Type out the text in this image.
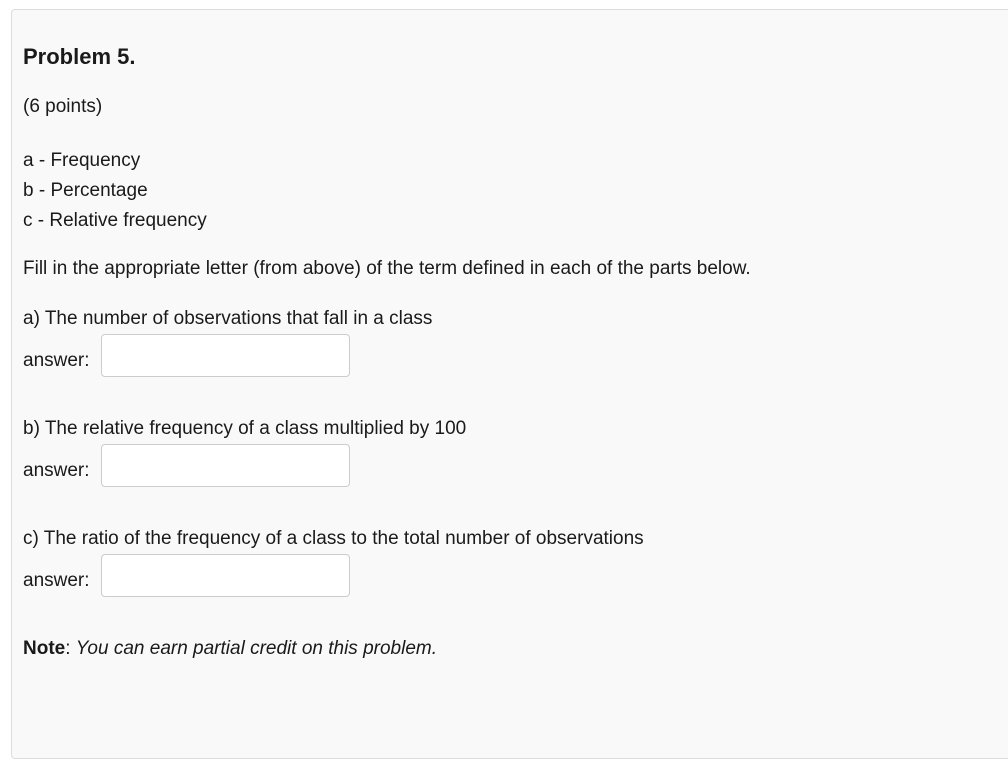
Problem 5.
(6 points)
a - Frequency
b - Percentage
c - Relative frequency
Fill in the appropriate letter (from above) of the term defined in each of the parts below.
a) The number of observations that fall in a class
answer:
b) The relative frequency of a class multiplied by 100
answer:
c) The ratio of the frequency of a class to the total number of observations
answer:
Note: You can earn partial credit on this problem.
